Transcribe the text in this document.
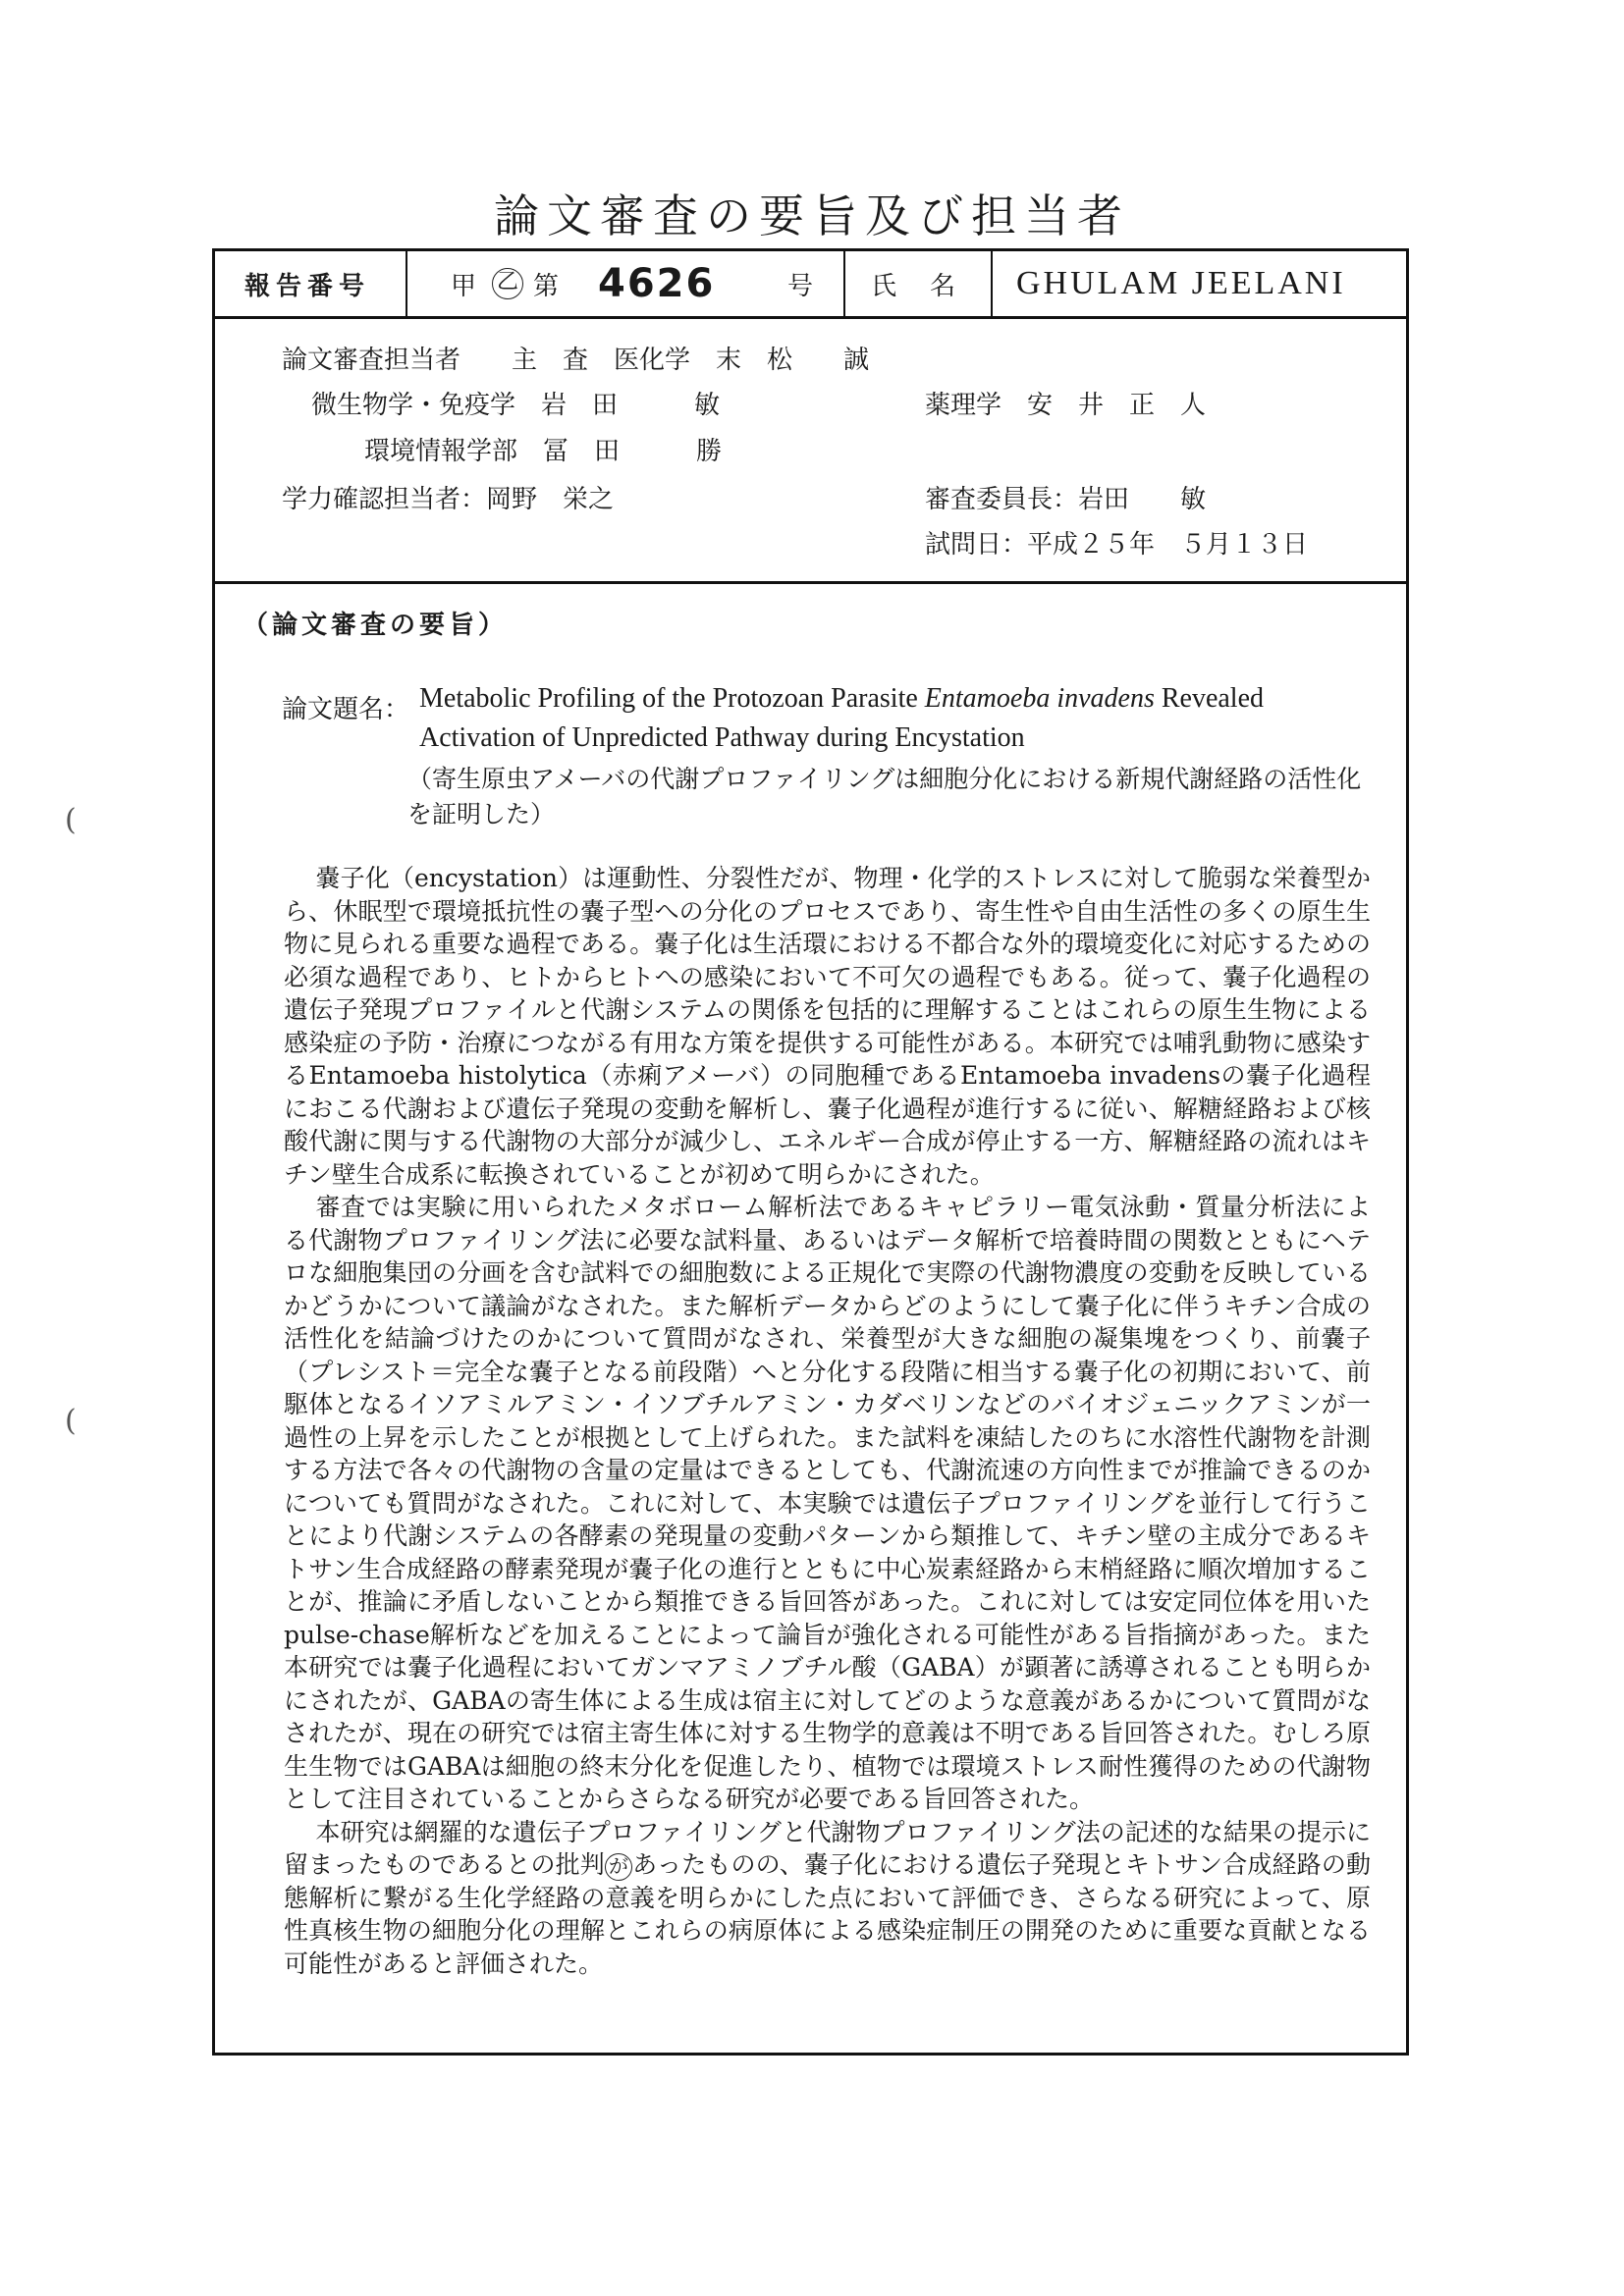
論文審査の要旨及び担当者
報告番号	甲 乙 第 4626	号 氏　名 GHULAM JEELANI
論文審査担当者　　主　査　医化学　末　松　　誠
微生物学・免疫学　岩　田　　　敏	薬理学　安　井　正　人
環境情報学部　冨　田　　　勝
学力確認担当者：岡野　栄之	審査委員長：岩田　　敏
試問日：平成２５年　５月１３日
（論文審査の要旨）
論文題名： Metabolic Profiling of the Protozoan Parasite Entamoeba invadens Revealed
Activation of Unpredicted Pathway during Encystation
（寄生原虫アメーバの代謝プロファイリングは細胞分化における新規代謝経路の活性化
を証明した）

嚢子化（encystation）は運動性、分裂性だが、物理・化学的ストレスに対して脆弱な栄養型から、休眠型で環境抵抗性の嚢子型への分化のプロセスであり、寄生性や自由生活性の多くの原生生物に見られる重要な過程である。嚢子化は生活環における不都合な外的環境変化に対応するための必須な過程であり、ヒトからヒトへの感染において不可欠の過程でもある。従って、嚢子化過程の遺伝子発現プロファイルと代謝システムの関係を包括的に理解することはこれらの原生生物による感染症の予防・治療につながる有用な方策を提供する可能性がある。本研究では哺乳動物に感染するEntamoeba histolytica（赤痢アメーバ）の同胞種であるEntamoeba invadensの嚢子化過程におこる代謝および遺伝子発現の変動を解析し、嚢子化過程が進行するに従い、解糖経路および核酸代謝に関与する代謝物の大部分が減少し、エネルギー合成が停止する一方、解糖経路の流れはキチン壁生合成系に転換されていることが初めて明らかにされた。

審査では実験に用いられたメタボローム解析法であるキャピラリー電気泳動・質量分析法による代謝物プロファイリング法に必要な試料量、あるいはデータ解析で培養時間の関数とともにヘテロな細胞集団の分画を含む試料での細胞数による正規化で実際の代謝物濃度の変動を反映しているかどうかについて議論がなされた。また解析データからどのようにして嚢子化に伴うキチン合成の活性化を結論づけたのかについて質問がなされ、栄養型が大きな細胞の凝集塊をつくり、前嚢子（プレシスト＝完全な嚢子となる前段階）へと分化する段階に相当する嚢子化の初期において、前駆体となるイソアミルアミン・イソブチルアミン・カダベリンなどのバイオジェニックアミンが一過性の上昇を示したことが根拠として上げられた。また試料を凍結したのちに水溶性代謝物を計測する方法で各々の代謝物の含量の定量はできるとしても、代謝流速の方向性までが推論できるのかについても質問がなされた。これに対して、本実験では遺伝子プロファイリングを並行して行うことにより代謝システムの各酵素の発現量の変動パターンから類推して、キチン壁の主成分であるキトサン生合成経路の酵素発現が嚢子化の進行とともに中心炭素経路から末梢経路に順次増加することが、推論に矛盾しないことから類推できる旨回答があった。これに対しては安定同位体を用いたpulse-chase解析などを加えることによって論旨が強化される可能性がある旨指摘があった。また本研究では嚢子化過程においてガンマアミノブチル酸（GABA）が顕著に誘導されることも明らかにされたが、GABAの寄生体による生成は宿主に対してどのような意義があるかについて質問がなされたが、現在の研究では宿主寄生体に対する生物学的意義は不明である旨回答された。むしろ原生生物ではGABAは細胞の終末分化を促進したり、植物では環境ストレス耐性獲得のための代謝物として注目されていることからさらなる研究が必要である旨回答された。

本研究は網羅的な遺伝子プロファイリングと代謝物プロファイリング法の記述的な結果の提示に留まったものであるとの批判 が あったものの、嚢子化における遺伝子発現とキトサン合成経路の動態解析に繋がる生化学経路の意義を明らかにした点において評価でき、さらなる研究によって、原性真核生物の細胞分化の理解とこれらの病原体による感染症制圧の開発のために重要な貢献となる可能性があると評価された。

(
(
